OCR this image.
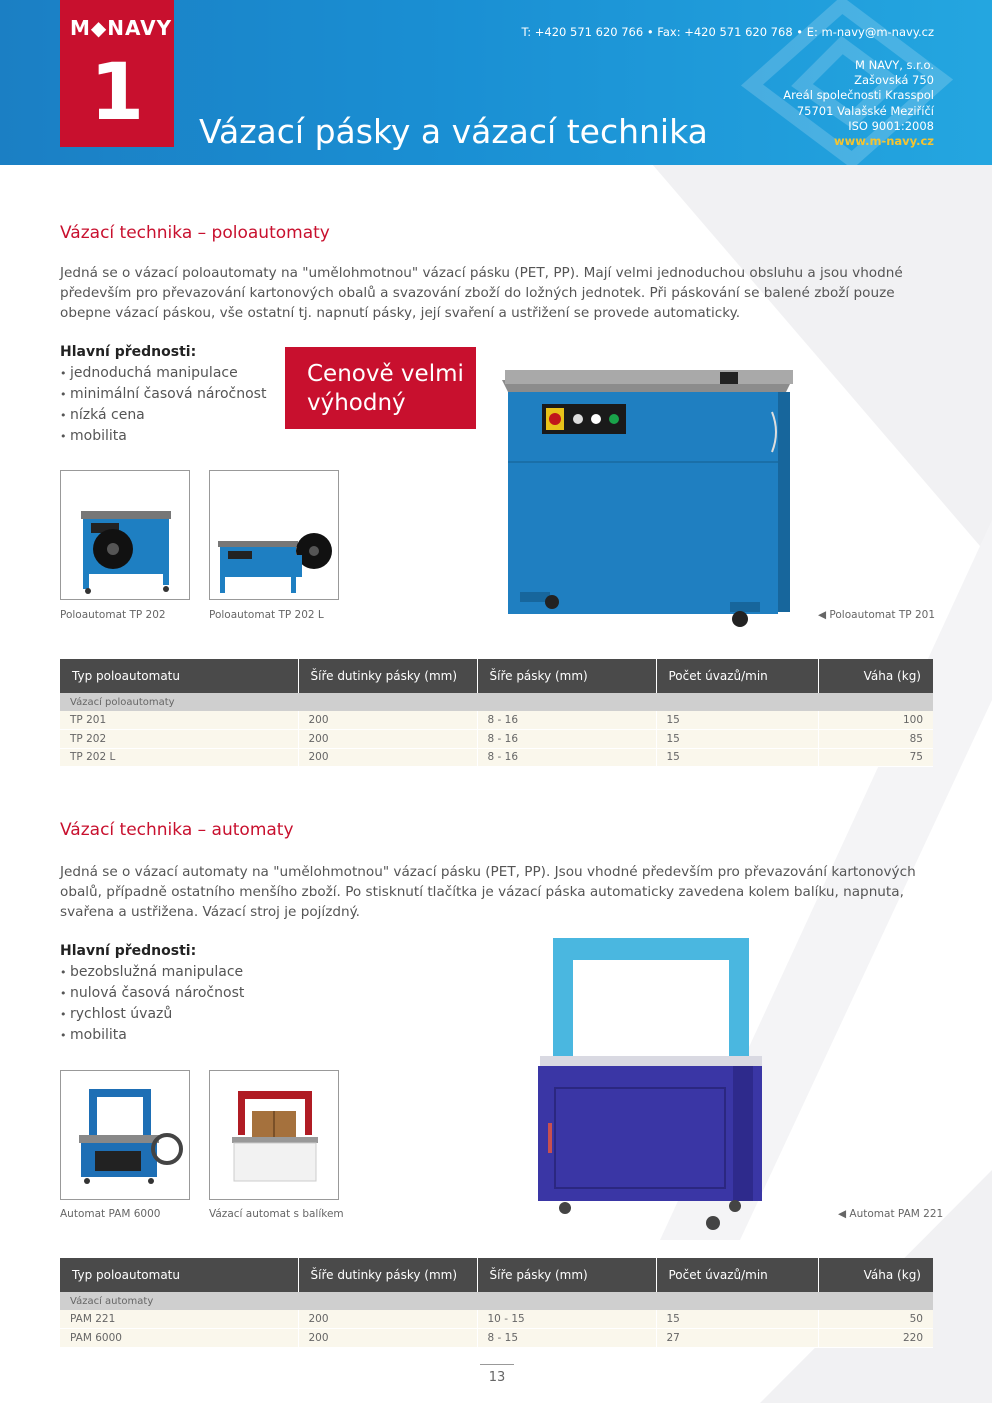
M◆NAVY
1	Vázací pásky a vázací technika
T: +420 571 620 766 • Fax: +420 571 620 768 • E: m-navy@m-navy.cz
M NAVY, s.r.o.
Zašovská 750
Areál společnosti Krasspol
75701 Valašské Meziříčí
ISO 9001:2008
www.m-navy.cz
Vázací technika – poloautomaty
Jedná se o vázací poloautomaty na "umělohmotnou" vázací pásku (PET, PP). Mají velmi jednoduchou obsluhu a jsou vhodné především pro převazování kartonových obalů a svazování zboží do ložných jednotek. Při páskování se balené zboží pouze obepne vázací páskou, vše ostatní tj. napnutí pásky, její svaření a ustřižení se provede automaticky.
Hlavní přednosti:
• jednoduchá manipulace
• minimální časová náročnost
• nízká cena
• mobilita
Cenově velmi
výhodný
Poloautomat TP 202	Poloautomat TP 202 L	◀ Poloautomat TP 201
Typ poloautomatu	Šíře dutinky pásky (mm)	Šíře pásky (mm)	Počet úvazů/min	Váha (kg)
Vázací poloautomaty				
TP 201	200	8 - 16	15	100
TP 202	200	8 - 16	15	85
TP 202 L	200	8 - 16	15	75
Vázací technika – automaty
Jedná se o vázací automaty na "umělohmotnou" vázací pásku (PET, PP). Jsou vhodné především pro převazování kartonových obalů, případně ostatního menšího zboží. Po stisknutí tlačítka je vázací páska automaticky zavedena kolem balíku, napnuta, svařena a ustřižena. Vázací stroj je pojízdný.
Hlavní přednosti:
• bezobslužná manipulace
• nulová časová náročnost
• rychlost úvazů
• mobilita
Automat PAM 6000	Vázací automat s balíkem	◀ Automat PAM 221
Typ poloautomatu	Šíře dutinky pásky (mm)	Šíře pásky (mm)	Počet úvazů/min	Váha (kg)
Vázací automaty				
PAM 221	200	10 - 15	15	50
PAM 6000	200	8 - 15	27	220
13
